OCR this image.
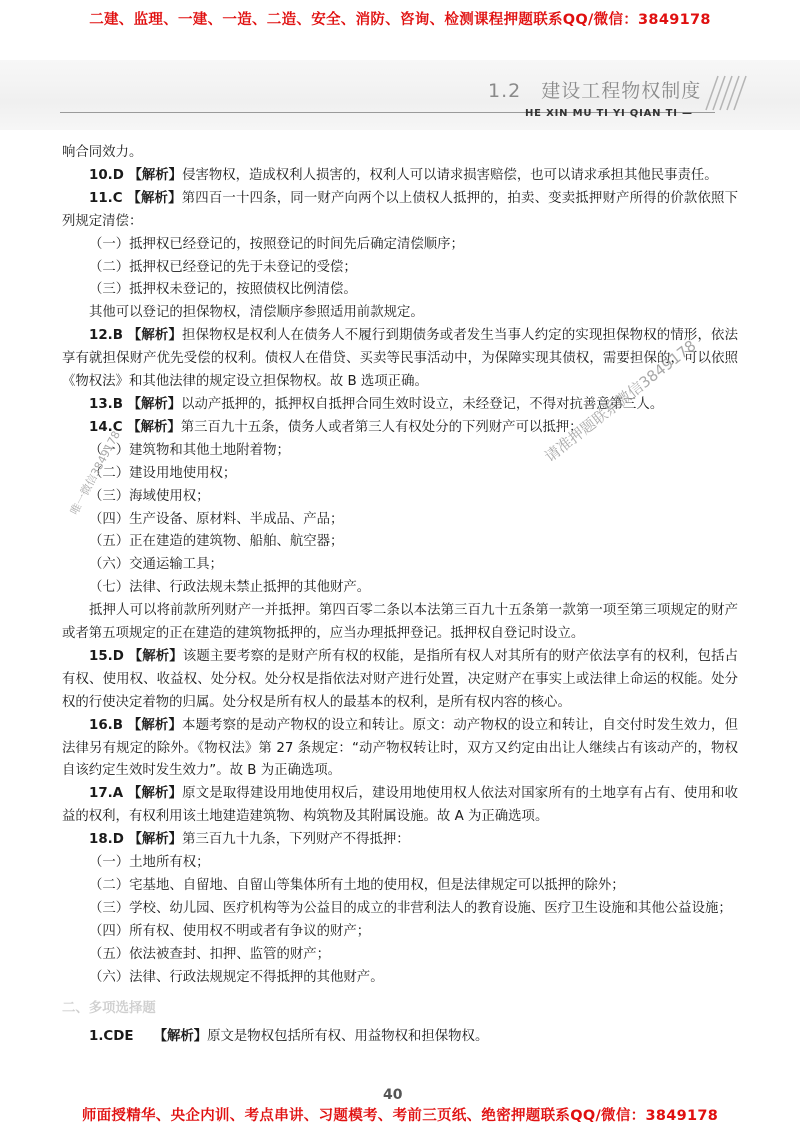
二建、监理、一建、一造、二造、安全、消防、咨询、检测课程押题联系QQ/微信：3849178
1.2　建设工程物权制度
HE XIN MU TI YI QIAN TI —

响合同效力。

10.D 【解析】侵害物权，造成权利人损害的，权利人可以请求损害赔偿，也可以请求承担其他民事责任。

11.C 【解析】第四百一十四条，同一财产向两个以上债权人抵押的，拍卖、变卖抵押财产所得的价款依照下列规定清偿：

（一）抵押权已经登记的，按照登记的时间先后确定清偿顺序；

（二）抵押权已经登记的先于未登记的受偿；

（三）抵押权未登记的，按照债权比例清偿。

其他可以登记的担保物权，清偿顺序参照适用前款规定。

12.B 【解析】担保物权是权利人在债务人不履行到期债务或者发生当事人约定的实现担保物权的情形，依法享有就担保财产优先受偿的权利。债权人在借贷、买卖等民事活动中，为保障实现其债权，需要担保的，可以依照《物权法》和其他法律的规定设立担保物权。故 B 选项正确。

13.B 【解析】以动产抵押的，抵押权自抵押合同生效时设立，未经登记，不得对抗善意第三人。

14.C 【解析】第三百九十五条，债务人或者第三人有权处分的下列财产可以抵押：

（一）建筑物和其他土地附着物；

（二）建设用地使用权；

（三）海域使用权；

（四）生产设备、原材料、半成品、产品；

（五）正在建造的建筑物、船舶、航空器；

（六）交通运输工具；

（七）法律、行政法规未禁止抵押的其他财产。

抵押人可以将前款所列财产一并抵押。第四百零二条以本法第三百九十五条第一款第一项至第三项规定的财产或者第五项规定的正在建造的建筑物抵押的，应当办理抵押登记。抵押权自登记时设立。

15.D 【解析】该题主要考察的是财产所有权的权能，是指所有权人对其所有的财产依法享有的权利，包括占有权、使用权、收益权、处分权。处分权是指依法对财产进行处置，决定财产在事实上或法律上命运的权能。处分权的行使决定着物的归属。处分权是所有权人的最基本的权利，是所有权内容的核心。

16.B 【解析】本题考察的是动产物权的设立和转让。原文：动产物权的设立和转让，自交付时发生效力，但法律另有规定的除外。《物权法》第 27 条规定：“动产物权转让时，双方又约定由出让人继续占有该动产的，物权自该约定生效时发生效力”。故 B 为正确选项。

17.A 【解析】原文是取得建设用地使用权后，建设用地使用权人依法对国家所有的土地享有占有、使用和收益的权利，有权利用该土地建造建筑物、构筑物及其附属设施。故 A 为正确选项。

18.D 【解析】第三百九十九条，下列财产不得抵押：

（一）土地所有权；

（二）宅基地、自留地、自留山等集体所有土地的使用权，但是法律规定可以抵押的除外；

（三）学校、幼儿园、医疗机构等为公益目的成立的非营利法人的教育设施、医疗卫生设施和其他公益设施；

（四）所有权、使用权不明或者有争议的财产；

（五）依法被查封、扣押、监管的财产；

（六）法律、行政法规规定不得抵押的其他财产。

二、多项选择题

1.CDE　　【解析】原文是物权包括所有权、用益物权和担保物权。

请准押题联系微信3849178
唯一微信3849178
40
师面授精华、央企内训、考点串讲、习题模考、考前三页纸、绝密押题联系QQ/微信：3849178
